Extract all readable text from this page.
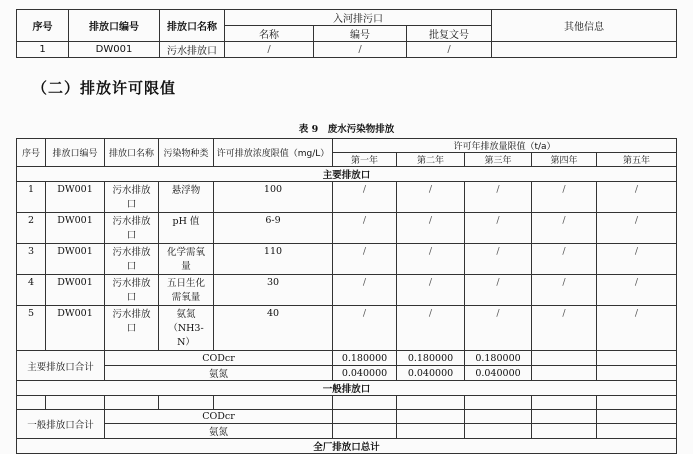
序号	排放口编号	排放口名称	入河排污口			其他信息
			名称	编号	批复文号	
1	DW001	污水排放口	/	/	/	
（二）排放许可限值
表 9　废水污染物排放
序号	排放口编号	排放口名称	污染物种类	许可排放浓度限值（mg/L）	许可年排放量限值（t/a）				
					第一年	第二年	第三年	第四年	第五年
主要排放口									
1	DW001	污水排放口	悬浮物	100	/	/	/	/	/
2	DW001	污水排放口	pH 值	6-9	/	/	/	/	/
3	DW001	污水排放口	化学需氧量	110	/	/	/	/	/
4	DW001	污水排放口	五日生化需氧量	30	/	/	/	/	/
5	DW001	污水排放口	氨氮（NH3-N）	40	/	/	/	/	/
主要排放口合计		CODcr			0.180000	0.180000	0.180000		
		氨氮			0.040000	0.040000	0.040000		
一般排放口									

一般排放口合计		CODcr							
		氨氮							
全厂排放口总计									
